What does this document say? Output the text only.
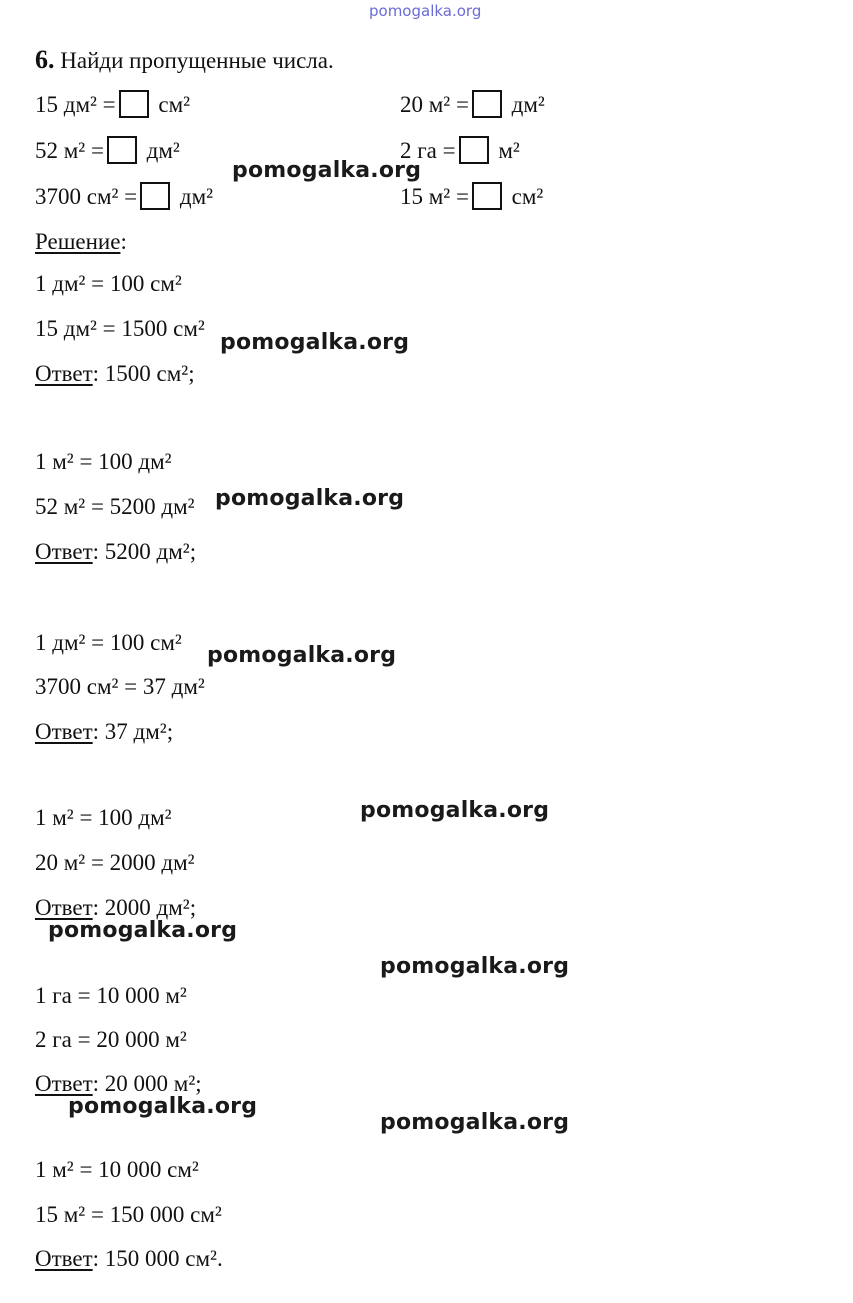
pomogalka.org
6. Найди пропущенные числа.
15 дм² = см²	20 м² = дм²
52 м² = дм²	2 га = м²
3700 см² = дм²	15 м² = см²
Решение:
1 дм² = 100 см²
15 дм² = 1500 см²
Ответ: 1500 см²;
1 м² = 100 дм²
52 м² = 5200 дм²
Ответ: 5200 дм²;
1 дм² = 100 см²
3700 см² = 37 дм²
Ответ: 37 дм²;
1 м² = 100 дм²
20 м² = 2000 дм²
Ответ: 2000 дм²;
1 га = 10 000 м²
2 га = 20 000 м²
Ответ: 20 000 м²;
1 м² = 10 000 см²
15 м² = 150 000 см²
Ответ: 150 000 см².
pomogalka.org
pomogalka.org
pomogalka.org
pomogalka.org
pomogalka.org
pomogalka.org
pomogalka.org
pomogalka.org
pomogalka.org
